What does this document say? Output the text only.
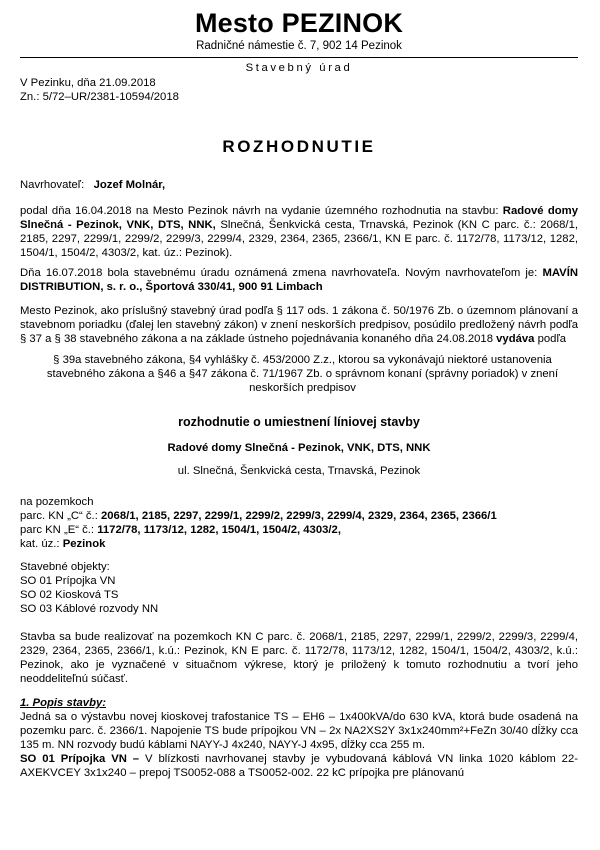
Mesto PEZINOK
Radničné námestie č. 7, 902 14 Pezinok
Stavebný úrad
V Pezinku, dňa 21.09.2018
Zn.: 5/72–UR/2381-10594/2018
ROZHODNUTIE

Navrhovateľ: Jozef Molnár,

podal dňa 16.04.2018 na Mesto Pezinok návrh na vydanie územného rozhodnutia na stavbu: Radové domy Slnečná - Pezinok, VNK, DTS, NNK, Slnečná, Šenkvická cesta, Trnavská, Pezinok (KN C parc. č.: 2068/1, 2185, 2297, 2299/1, 2299/2, 2299/3, 2299/4, 2329, 2364, 2365, 2366/1, KN E parc. č. 1172/78, 1173/12, 1282, 1504/1, 1504/2, 4303/2, kat. úz.: Pezinok).

Dňa 16.07.2018 bola stavebnému úradu oznámená zmena navrhovateľa. Novým navrhovateľom je: MAVÍN DISTRIBUTION, s. r. o., Športová 330/41, 900 91 Limbach

Mesto Pezinok, ako príslušný stavebný úrad podľa § 117 ods. 1 zákona č. 50/1976 Zb. o územnom plánovaní a stavebnom poriadku (ďalej len stavebný zákon) v znení neskorších predpisov, posúdilo predložený návrh podľa § 37 a § 38 stavebného zákona a na základe ústneho pojednávania konaného dňa 24.08.2018 vydáva podľa

§ 39a stavebného zákona, §4 vyhlášky č. 453/2000 Z.z., ktorou sa vykonávajú niektoré ustanovenia stavebného zákona a §46 a §47 zákona č. 71/1967 Zb. o správnom konaní (správny poriadok) v znení neskorších predpisov

rozhodnutie o umiestnení líniovej stavby
Radové domy Slnečná - Pezinok, VNK, DTS, NNK
ul. Slnečná, Šenkvická cesta, Trnavská, Pezinok
na pozemkoch
parc. KN „C“ č.: 2068/1, 2185, 2297, 2299/1, 2299/2, 2299/3, 2299/4, 2329, 2364, 2365, 2366/1
parc KN „E“ č.: 1172/78, 1173/12, 1282, 1504/1, 1504/2, 4303/2,
kat. úz.: Pezinok
Stavebné objekty:
SO 01 Prípojka VN
SO 02 Kiosková TS
SO 03 Káblové rozvody NN

Stavba sa bude realizovať na pozemkoch KN C parc. č. 2068/1, 2185, 2297, 2299/1, 2299/2, 2299/3, 2299/4, 2329, 2364, 2365, 2366/1, k.ú.: Pezinok, KN E parc. č. 1172/78, 1173/12, 1282, 1504/1, 1504/2, 4303/2, k.ú.: Pezinok, ako je vyznačené v situačnom výkrese, ktorý je priložený k tomuto rozhodnutiu a tvorí jeho neoddeliteľnú súčasť.

1. Popis stavby:

Jedná sa o výstavbu novej kioskovej trafostanice TS – EH6 – 1x400kVA/do 630 kVA, ktorá bude osadená na pozemku parc. č. 2366/1. Napojenie TS bude prípojkou VN – 2x NA2XS2Y 3x1x240mm²+FeZn 30/40 dĺžky cca 135 m. NN rozvody budú káblami NAYY-J 4x240, NAYY-J 4x95, dĺžky cca 255 m.

SO 01 Prípojka VN – V blízkosti navrhovanej stavby je vybudovaná káblová VN linka 1020 káblom 22-AXEKVCEY 3x1x240 – prepoj TS0052-088 a TS0052-002. 22 kC prípojka pre plánovanú
